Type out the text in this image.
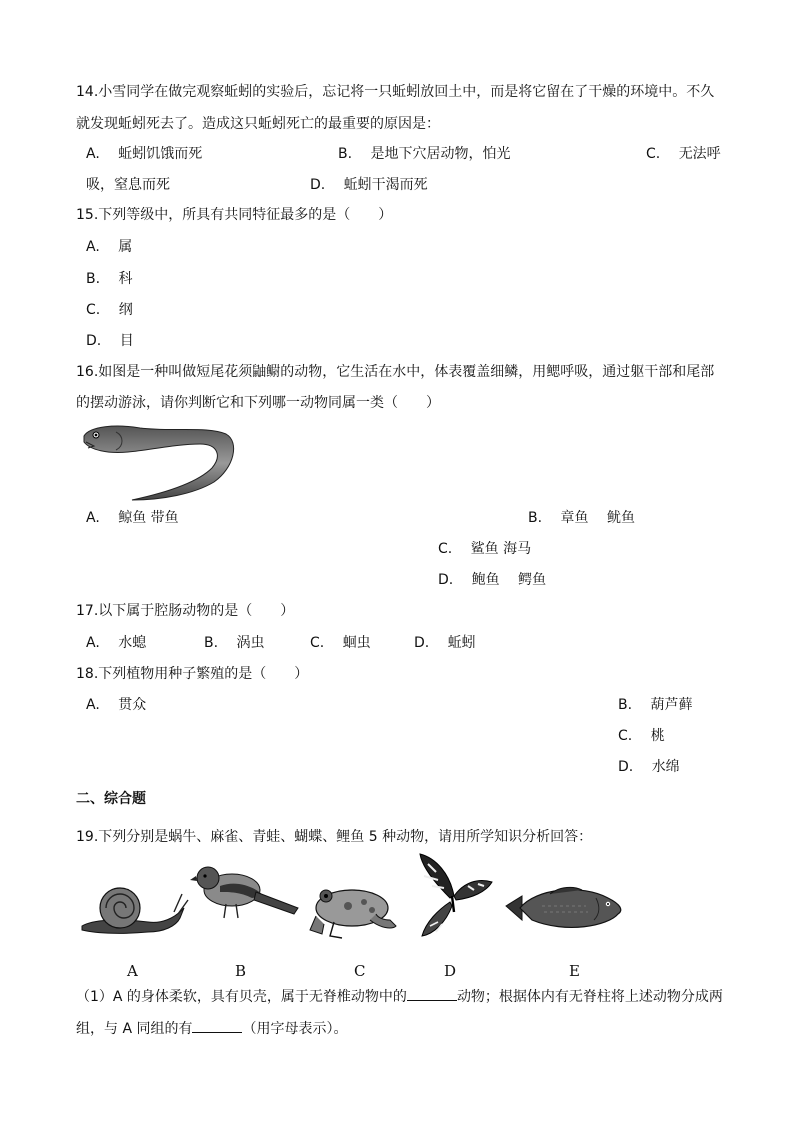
14.小雪同学在做完观察蚯蚓的实验后，忘记将一只蚯蚓放回土中，而是将它留在了干燥的环境中。不久
就发现蚯蚓死去了。造成这只蚯蚓死亡的最重要的原因是：
A. 蚯蚓饥饿而死	B. 是地下穴居动物，怕光	C. 无法呼
吸，窒息而死	D. 蚯蚓干渴而死
15.下列等级中，所具有共同特征最多的是（　　）
A. 属
B. 科
C. 纲
D. 目
16.如图是一种叫做短尾花须鼬鳚的动物，它生活在水中，体表覆盖细鳞，用鳃呼吸，通过躯干部和尾部
的摆动游泳，请你判断它和下列哪一动物同属一类（　　）
A. 鲸鱼 带鱼	B. 章鱼　 鱿鱼
C. 鲨鱼 海马
D. 鲍鱼　 鳄鱼
17.以下属于腔肠动物的是（　　）
A. 水螅	B. 涡虫	C. 蛔虫	D. 蚯蚓
18.下列植物用种子繁殖的是（　　）
A. 贯众	B. 葫芦藓
C. 桃
D. 水绵
二、综合题
19.下列分别是蜗牛、麻雀、青蛙、蝴蝶、鲤鱼 5 种动物，请用所学知识分析回答：
A	B	C	D	E
（1）A 的身体柔软，具有贝壳，属于无脊椎动物中的	动物；根据体内有无脊柱将上述动物分成两
组，与 A 同组的有	（用字母表示）。
